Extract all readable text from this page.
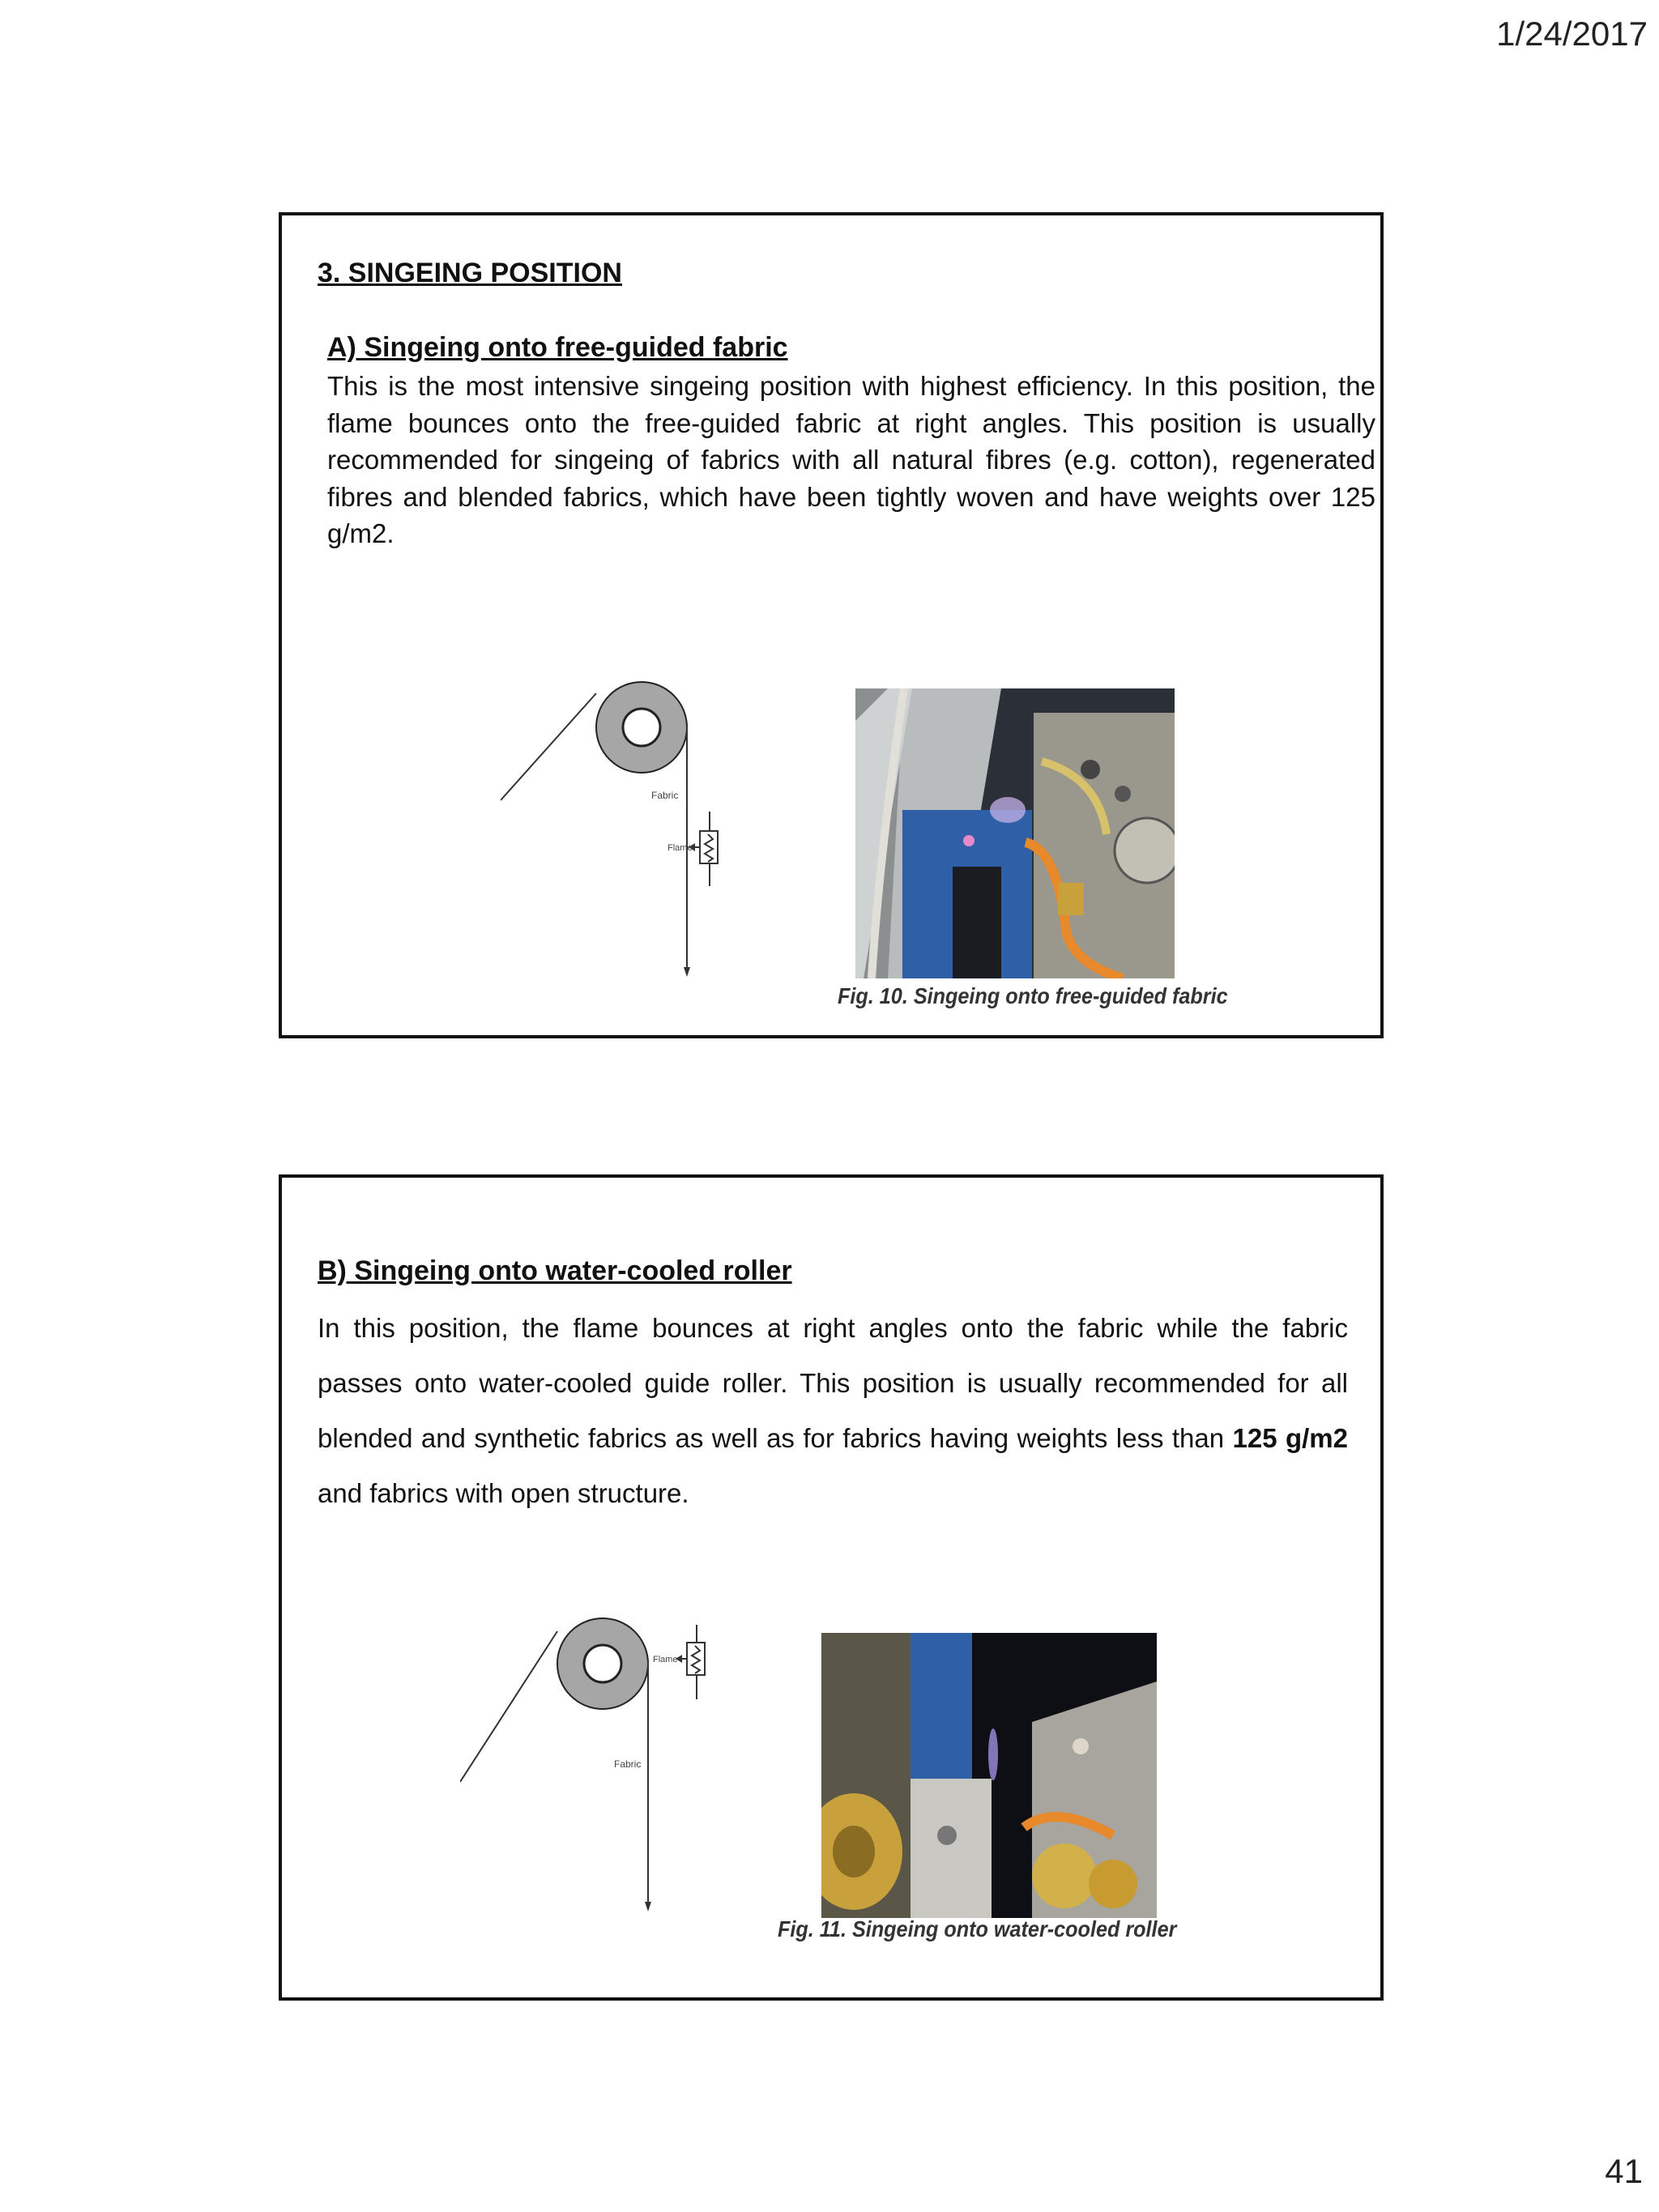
1/24/2017
3. SINGEING POSITION
A) Singeing onto free-guided fabric
This is the most intensive singeing position with highest efficiency. In this position, the flame bounces onto the free-guided fabric at right angles. This position is usually recommended for singeing of fabrics with all natural fibres (e.g. cotton), regenerated fibres and blended fabrics, which have been tightly woven and have weights over 125 g/m2.
Fabric
Flame
Fig. 10. Singeing onto free-guided fabric
B) Singeing onto water-cooled roller
In this position, the flame bounces at right angles onto the fabric while the fabric passes onto water-cooled guide roller. This position is usually recommended for all blended and synthetic fabrics as well as for fabrics having weights less than 125 g/m2 and fabrics with open structure.
Fabric
Flame
Fig. 11. Singeing onto water-cooled roller
41
